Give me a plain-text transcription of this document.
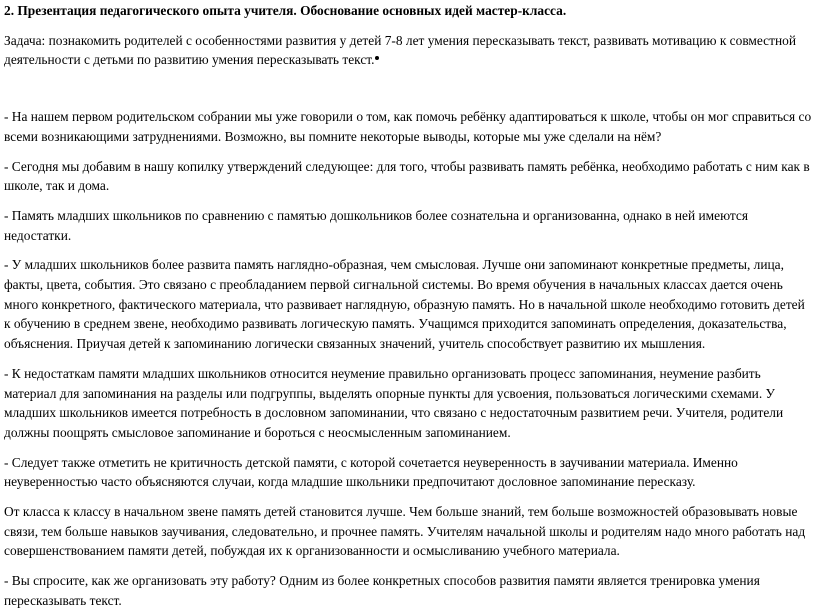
2. Презентация педагогического опыта учителя. Обоснование основных идей мастер-класса.

Задача: познакомить родителей с особенностями развития у детей 7-8 лет умения пересказывать текст, развивать мотивацию к совместной деятельности с детьми по развитию умения пересказывать текст.

- На нашем первом родительском собрании мы уже говорили о том, как помочь ребёнку адаптироваться к школе, чтобы он мог справиться со всеми возникающими затруднениями. Возможно, вы помните некоторые выводы, которые мы уже сделали на нём?

- Сегодня мы добавим в нашу копилку утверждений следующее: для того, чтобы развивать память ребёнка, необходимо работать с ним как в школе, так и дома.

- Память младших школьников по сравнению с памятью дошкольников более сознательна и организованна, однако в ней имеются недостатки.

- У младших школьников более развита память наглядно-образная, чем смысловая. Лучше они запоминают конкретные предметы, лица, факты, цвета, события. Это связано с преобладанием первой сигнальной системы. Во время обучения в начальных классах дается очень много конкретного, фактического материала, что развивает наглядную, образную память. Но в начальной школе необходимо готовить детей к обучению в среднем звене, необходимо развивать логическую память. Учащимся приходится запоминать определения, доказательства, объяснения. Приучая детей к запоминанию логически связанных значений, учитель способствует развитию их мышления.

- К недостаткам памяти младших школьников относится неумение правильно организовать процесс запоминания, неумение разбить материал для запоминания на разделы или подгруппы, выделять опорные пункты для усвоения, пользоваться логическими схемами. У младших школьников имеется потребность в дословном запоминании, что связано с недостаточным развитием речи. Учителя, родители должны поощрять смысловое запоминание и бороться с неосмысленным запоминанием.

- Следует также отметить не критичность детской памяти, с которой сочетается неуверенность в заучивании материала. Именно неуверенностью часто объясняются случаи, когда младшие школьники предпочитают дословное запоминание пересказу.

От класса к классу в начальном звене память детей становится лучше. Чем больше знаний, тем больше возможностей образовывать новые связи, тем больше навыков заучивания, следовательно, и прочнее память. Учителям начальной школы и родителям надо много работать над совершенствованием памяти детей, побуждая их к организованности и осмысливанию учебного материала.

- Вы спросите, как же организовать эту работу? Одним из более конкретных способов развития памяти является тренировка умения пересказывать текст.
